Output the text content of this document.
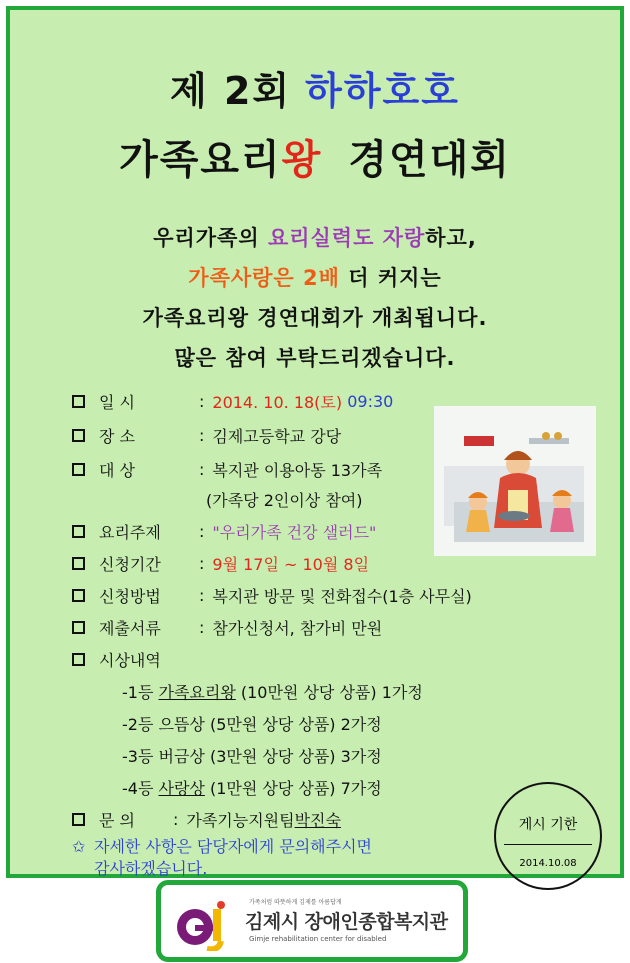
제 2회 하하호호
가족요리왕 경연대회
우리가족의 요리실력도 자랑하고,
가족사랑은 2배 더 커지는
가족요리왕 경연대회가 개최됩니다.
많은 참여 부탁드리겠습니다.
일 시	: 2014. 10. 18(토)
09:30
장 소	: 김제고등학교 강당
대 상	: 복지관 이용아동 13가족
(가족당 2인이상 참여)
요리주제	: "우리가족 건강 샐러드"
신청기간	: 9월 17일 ~ 10월 8일
신청방법	: 복지관 방문 및 전화접수(1층 사무실)
제출서류	: 참가신청서, 참가비 만원
시상내역
-1등 가족요리왕 (10만원 상당 상품) 1가정
-2등 으뜸상 (5만원 상당 상품) 2가정
-3등 버금상 (3만원 상당 상품) 3가정
-4등 사랑상 (1만원 상당 상품) 7가정
문 의	: 가족기능지원팀 박진숙
✩ 자세한 사항은 담당자에게 문의해주시면
감사하겠습니다.
게시 기한
2014.10.08
가족처럼 따뜻하게 김제를 아름답게
김제시 장애인종합복지관
Gimje rehabilitation center for disabled
